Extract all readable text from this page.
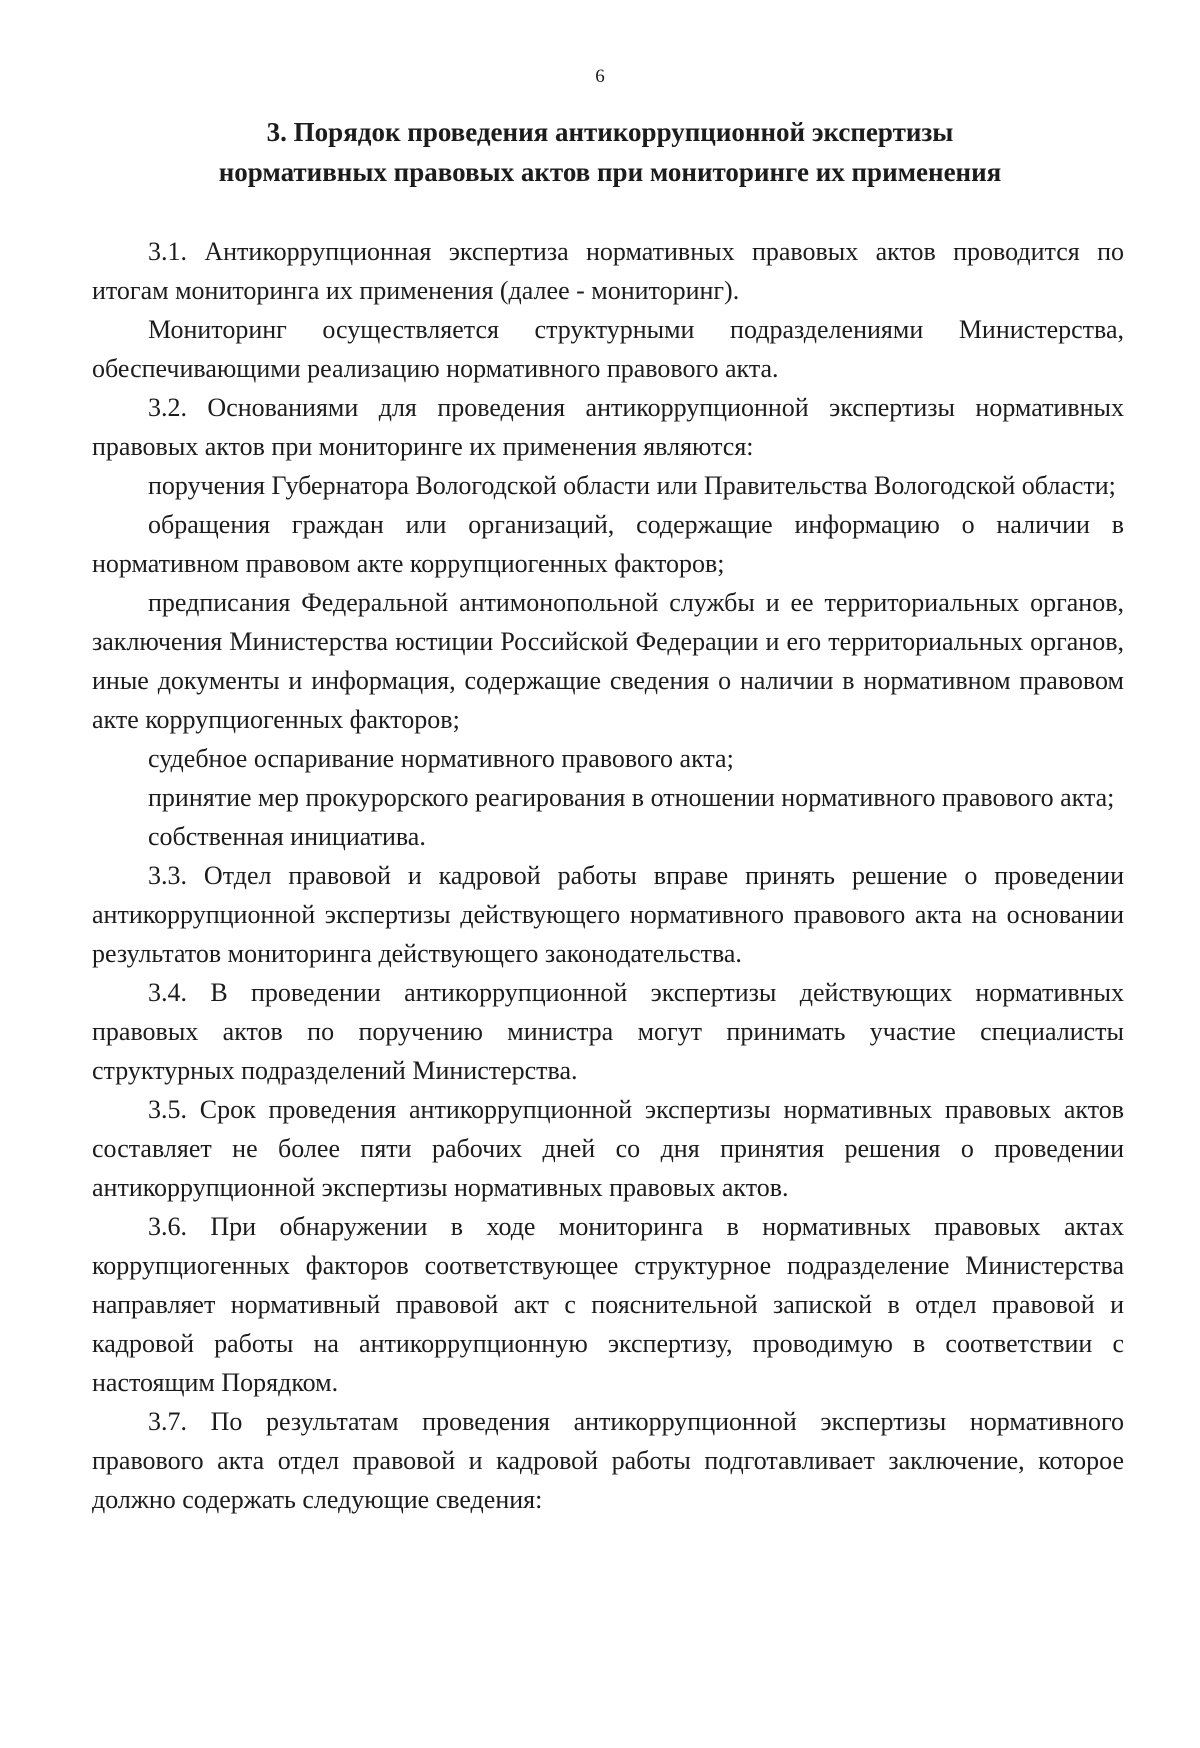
6
3. Порядок проведения антикоррупционной экспертизы
нормативных правовых актов при мониторинге их применения

3.1. Антикоррупционная экспертиза нормативных правовых актов проводится по итогам мониторинга их применения (далее - мониторинг).

Мониторинг осуществляется структурными подразделениями Министерства, обеспечивающими реализацию нормативного правового акта.

3.2. Основаниями для проведения антикоррупционной экспертизы нормативных правовых актов при мониторинге их применения являются:

поручения Губернатора Вологодской области или Правительства Вологодской области;

обращения граждан или организаций, содержащие информацию о наличии в нормативном правовом акте коррупциогенных факторов;

предписания Федеральной антимонопольной службы и ее территориальных органов, заключения Министерства юстиции Российской Федерации и его территориальных органов, иные документы и информация, содержащие сведения о наличии в нормативном правовом акте коррупциогенных факторов;

судебное оспаривание нормативного правового акта;

принятие мер прокурорского реагирования в отношении нормативного правового акта;

собственная инициатива.

3.3. Отдел правовой и кадровой работы вправе принять решение о проведении антикоррупционной экспертизы действующего нормативного правового акта на основании результатов мониторинга действующего законодательства.

3.4. В проведении антикоррупционной экспертизы действующих нормативных правовых актов по поручению министра могут принимать участие специалисты структурных подразделений Министерства.

3.5. Срок проведения антикоррупционной экспертизы нормативных правовых актов составляет не более пяти рабочих дней со дня принятия решения о проведении антикоррупционной экспертизы нормативных правовых актов.

3.6. При обнаружении в ходе мониторинга в нормативных правовых актах коррупциогенных факторов соответствующее структурное подразделение Министерства направляет нормативный правовой акт с пояснительной запиской в отдел правовой и кадровой работы на антикоррупционную экспертизу, проводимую в соответствии с настоящим Порядком.

3.7. По результатам проведения антикоррупционной экспертизы нормативного правового акта отдел правовой и кадровой работы подготавливает заключение, которое должно содержать следующие сведения:
